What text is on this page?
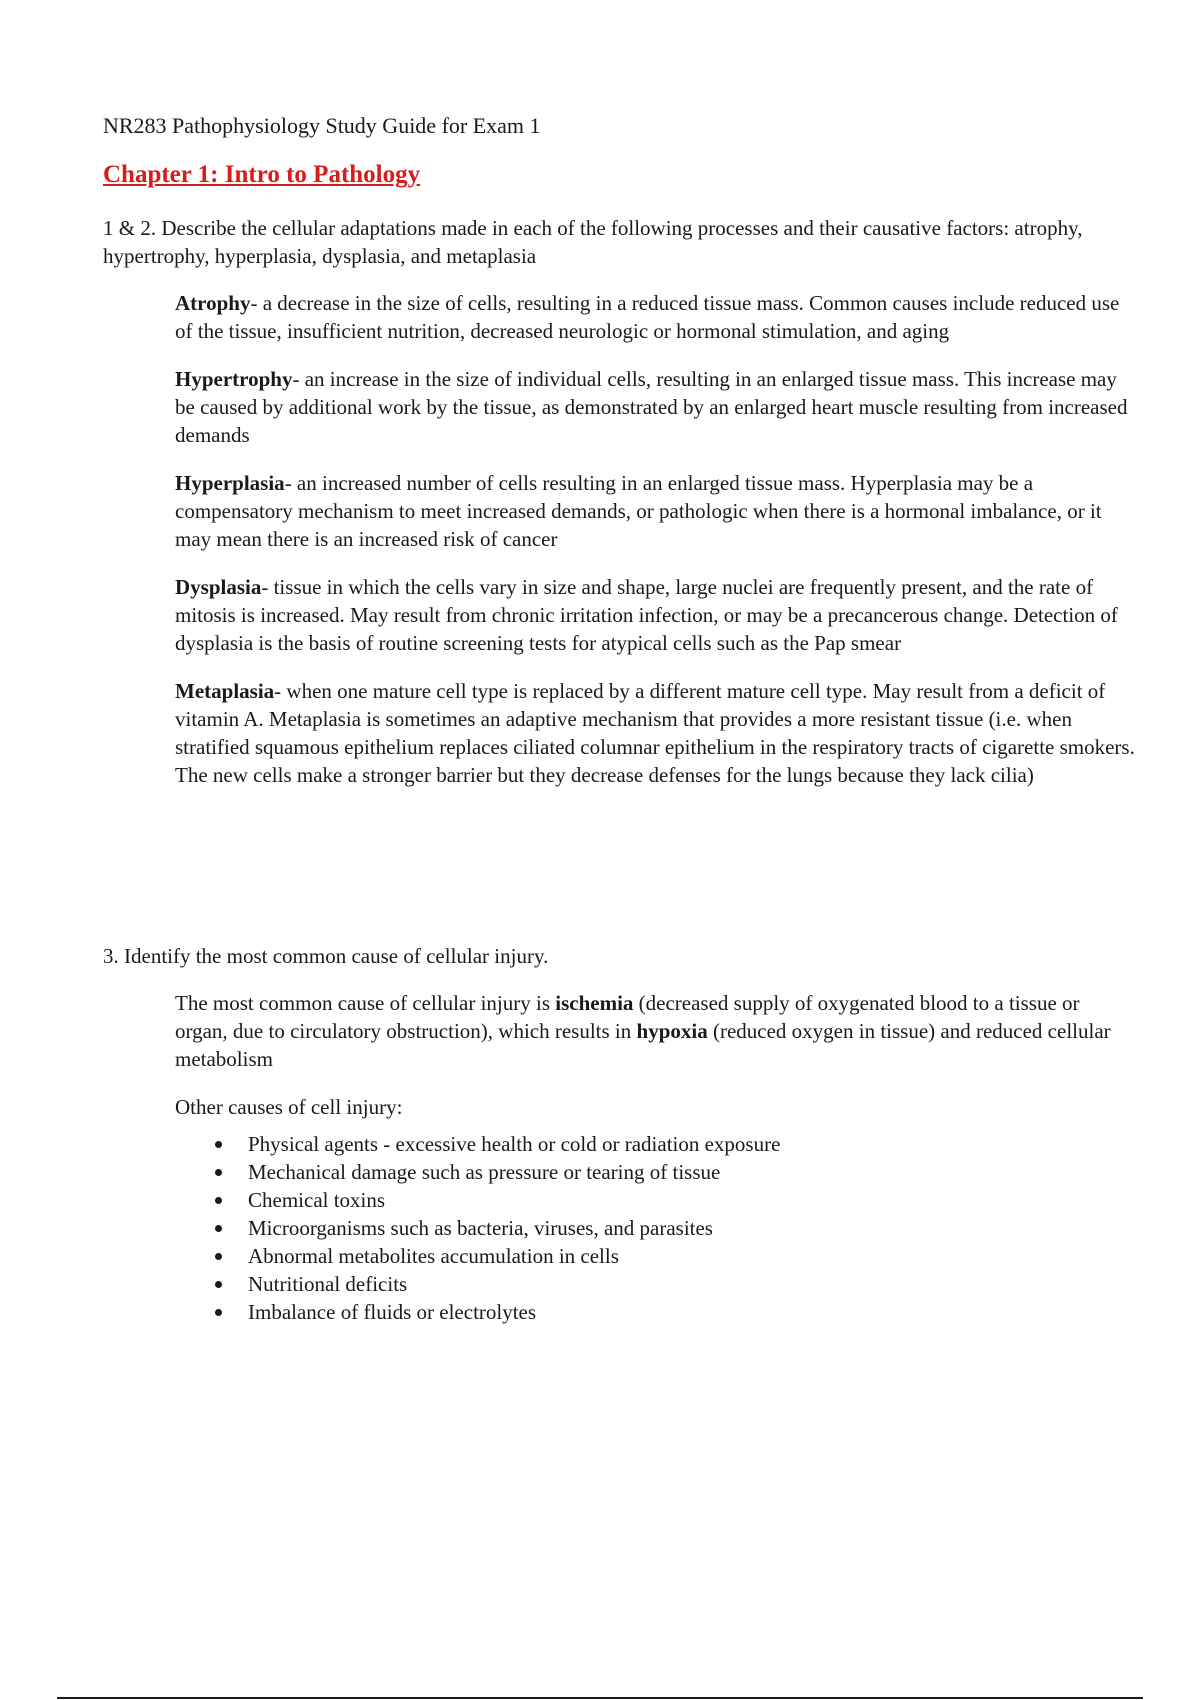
NR283 Pathophysiology Study Guide for Exam 1

Chapter 1: Intro to Pathology

1 & 2. Describe the cellular adaptations made in each of the following processes and their causative factors: atrophy, hypertrophy, hyperplasia, dysplasia, and metaplasia

Atrophy- a decrease in the size of cells, resulting in a reduced tissue mass. Common causes include reduced use of the tissue, insufficient nutrition, decreased neurologic or hormonal stimulation, and aging

Hypertrophy- an increase in the size of individual cells, resulting in an enlarged tissue mass. This increase may be caused by additional work by the tissue, as demonstrated by an enlarged heart muscle resulting from increased demands

Hyperplasia- an increased number of cells resulting in an enlarged tissue mass. Hyperplasia may be a compensatory mechanism to meet increased demands, or pathologic when there is a hormonal imbalance, or it may mean there is an increased risk of cancer

Dysplasia- tissue in which the cells vary in size and shape, large nuclei are frequently present, and the rate of mitosis is increased. May result from chronic irritation infection, or may be a precancerous change. Detection of dysplasia is the basis of routine screening tests for atypical cells such as the Pap smear

Metaplasia- when one mature cell type is replaced by a different mature cell type. May result from a deficit of vitamin A. Metaplasia is sometimes an adaptive mechanism that provides a more resistant tissue (i.e. when stratified squamous epithelium replaces ciliated columnar epithelium in the respiratory tracts of cigarette smokers. The new cells make a stronger barrier but they decrease defenses for the lungs because they lack cilia)

3. Identify the most common cause of cellular injury.

The most common cause of cellular injury is ischemia (decreased supply of oxygenated blood to a tissue or organ, due to circulatory obstruction), which results in hypoxia (reduced oxygen in tissue) and reduced cellular metabolism

Other causes of cell injury:

Physical agents - excessive health or cold or radiation exposure
Mechanical damage such as pressure or tearing of tissue
Chemical toxins
Microorganisms such as bacteria, viruses, and parasites
Abnormal metabolites accumulation in cells
Nutritional deficits
Imbalance of fluids or electrolytes
